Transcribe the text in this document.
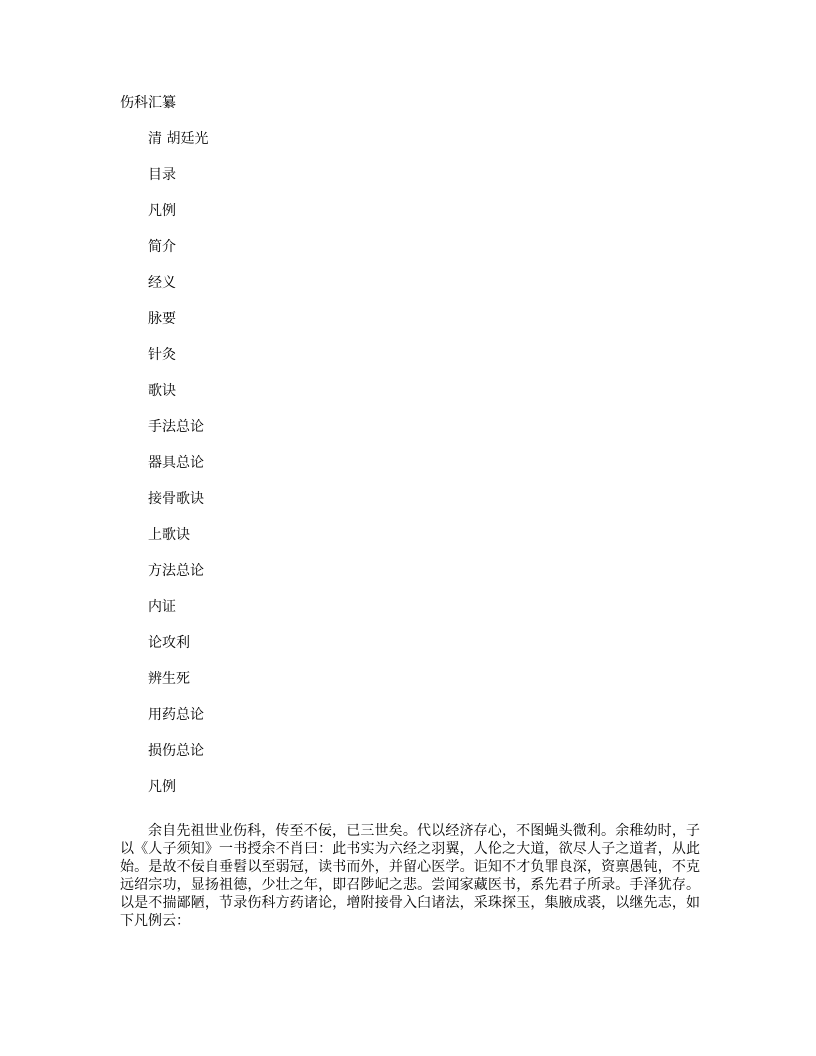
伤科汇纂
清 胡廷光
目录
凡例
简介
经义
脉要
针灸
歌诀
手法总论
器具总论
接骨歌诀
上歌诀
方法总论
内证
论攻利
辨生死
用药总论
损伤总论
凡例
余自先祖世业伤科，传至不佞，已三世矣。代以经济存心，不图蝇头微利。余稚幼时，子以《人子须知》一书授余不肖曰：此书实为六经之羽翼，人伦之大道，欲尽人子之道者，从此始。是故不佞自垂髫以至弱冠，读书而外，并留心医学。讵知不才负罪良深，资禀愚钝，不克远绍宗功，显扬祖德，少壮之年，即召陟屺之悲。尝闻家藏医书，系先君子所录。手泽犹存。以是不揣鄙陋，节录伤科方药诸论，增附接骨入臼诸法，采珠探玉，集腋成裘，以继先志，如下凡例云：
